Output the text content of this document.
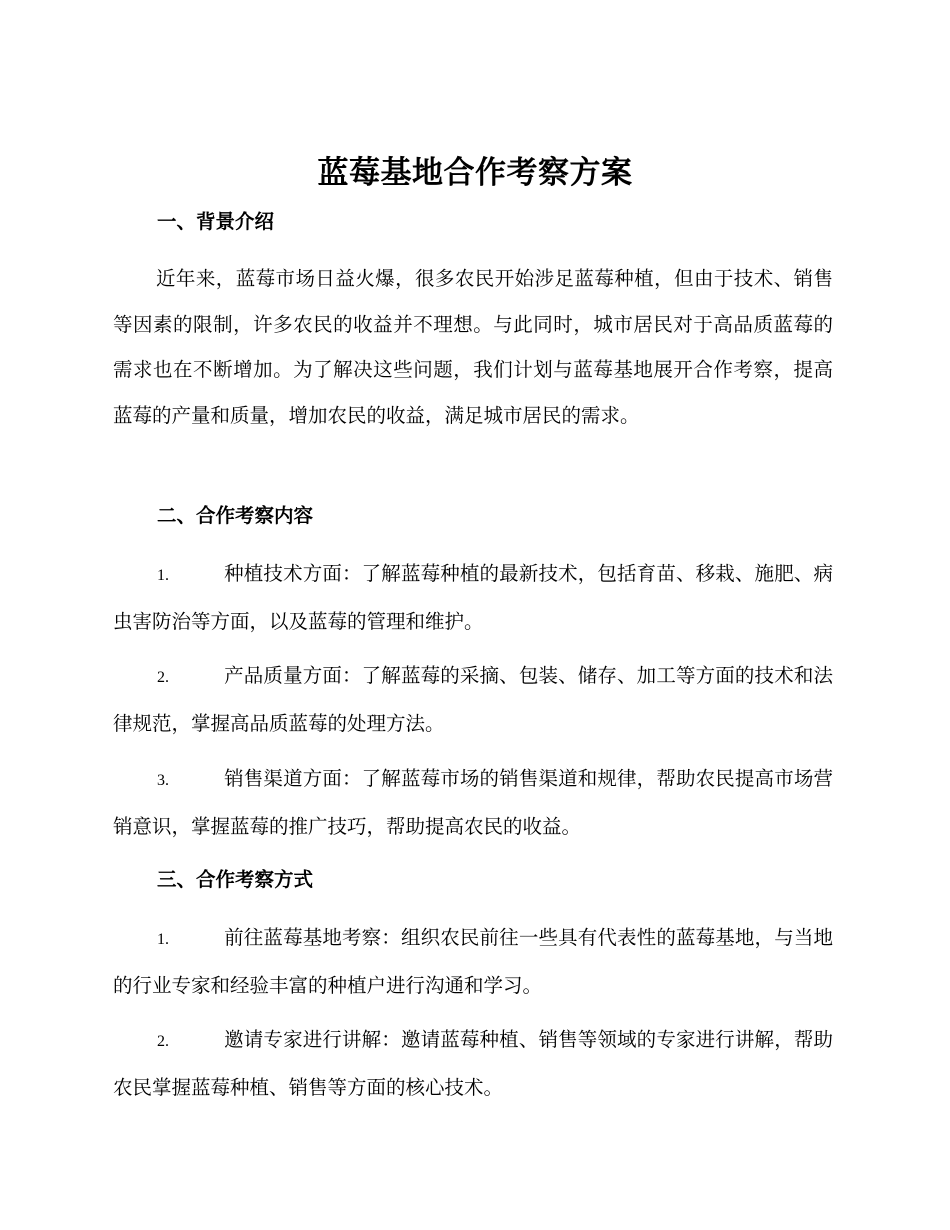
蓝莓基地合作考察方案
一、背景介绍

近年来，蓝莓市场日益火爆，很多农民开始涉足蓝莓种植，但由于技术、销售等因素的限制，许多农民的收益并不理想。与此同时，城市居民对于高品质蓝莓的需求也在不断增加。为了解决这些问题，我们计划与蓝莓基地展开合作考察，提高蓝莓的产量和质量，增加农民的收益，满足城市居民的需求。

二、合作考察内容

1.	种植技术方面：了解蓝莓种植的最新技术，包括育苗、移栽、施肥、病虫害防治等方面，以及蓝莓的管理和维护。

2.	产品质量方面：了解蓝莓的采摘、包装、储存、加工等方面的技术和法律规范，掌握高品质蓝莓的处理方法。

3.	销售渠道方面：了解蓝莓市场的销售渠道和规律，帮助农民提高市场营销意识，掌握蓝莓的推广技巧，帮助提高农民的收益。

三、合作考察方式

1.	前往蓝莓基地考察：组织农民前往一些具有代表性的蓝莓基地，与当地的行业专家和经验丰富的种植户进行沟通和学习。

2.	邀请专家进行讲解：邀请蓝莓种植、销售等领域的专家进行讲解，帮助农民掌握蓝莓种植、销售等方面的核心技术。
